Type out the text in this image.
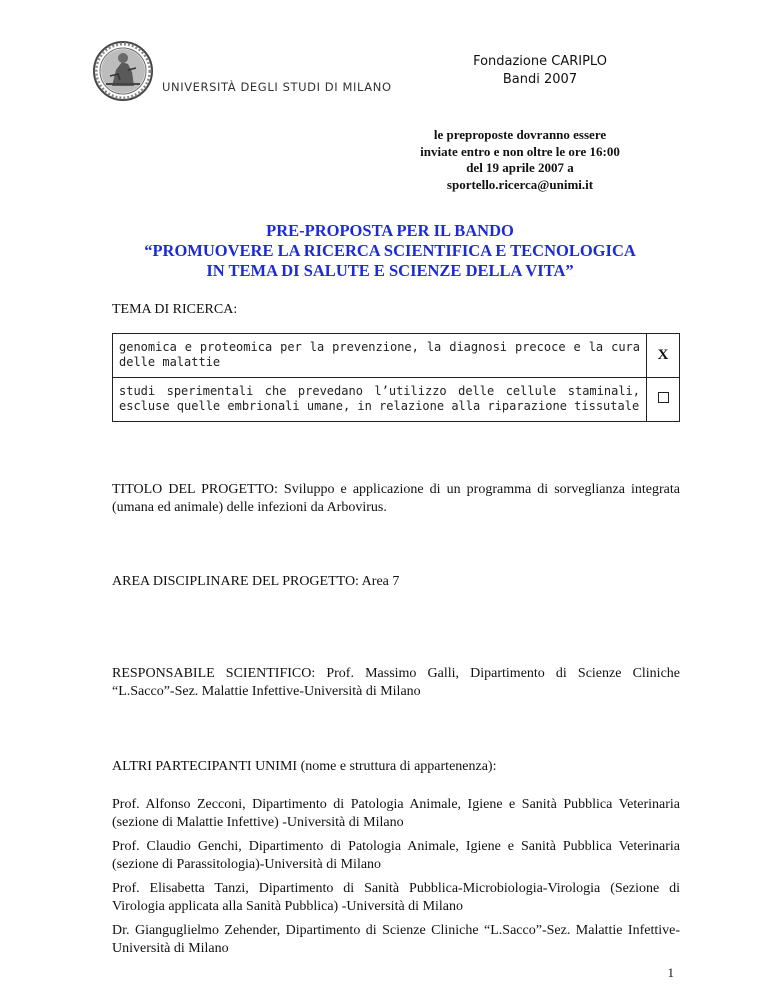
UNIVERSITÀ DEGLI STUDI DI MILANO
Fondazione CARIPLO
Bandi 2007
le preproposte dovranno essere
inviate entro e non oltre le ore 16:00
del 19 aprile 2007 a
sportello.ricerca@unimi.it
PRE-PROPOSTA PER IL BANDO
“PROMUOVERE LA RICERCA SCIENTIFICA E TECNOLOGICA
IN TEMA DI SALUTE E SCIENZE DELLA VITA”
TEMA DI RICERCA:
genomica e proteomica per la prevenzione, la diagnosi precoce e la cura delle malattie	X
studi sperimentali che prevedano l’utilizzo delle cellule staminali, escluse quelle embrionali umane, in relazione alla riparazione tissutale	
TITOLO DEL PROGETTO: Sviluppo e applicazione di un programma di sorveglianza integrata (umana ed animale) delle infezioni da Arbovirus.
AREA DISCIPLINARE DEL PROGETTO: Area 7
RESPONSABILE SCIENTIFICO: Prof. Massimo Galli, Dipartimento di Scienze Cliniche “L.Sacco”-Sez. Malattie Infettive-Università di Milano
ALTRI PARTECIPANTI UNIMI (nome e struttura di appartenenza):
Prof. Alfonso Zecconi, Dipartimento di Patologia Animale, Igiene e Sanità Pubblica Veterinaria (sezione di Malattie Infettive) -Università di Milano
Prof. Claudio Genchi, Dipartimento di Patologia Animale, Igiene e Sanità Pubblica Veterinaria (sezione di Parassitologia)-Università di Milano
Prof. Elisabetta Tanzi, Dipartimento di Sanità Pubblica-Microbiologia-Virologia (Sezione di Virologia applicata alla Sanità Pubblica) -Università di Milano
Dr. Gianguglielmo Zehender, Dipartimento di Scienze Cliniche “L.Sacco”-Sez. Malattie Infettive-Università di Milano
1
